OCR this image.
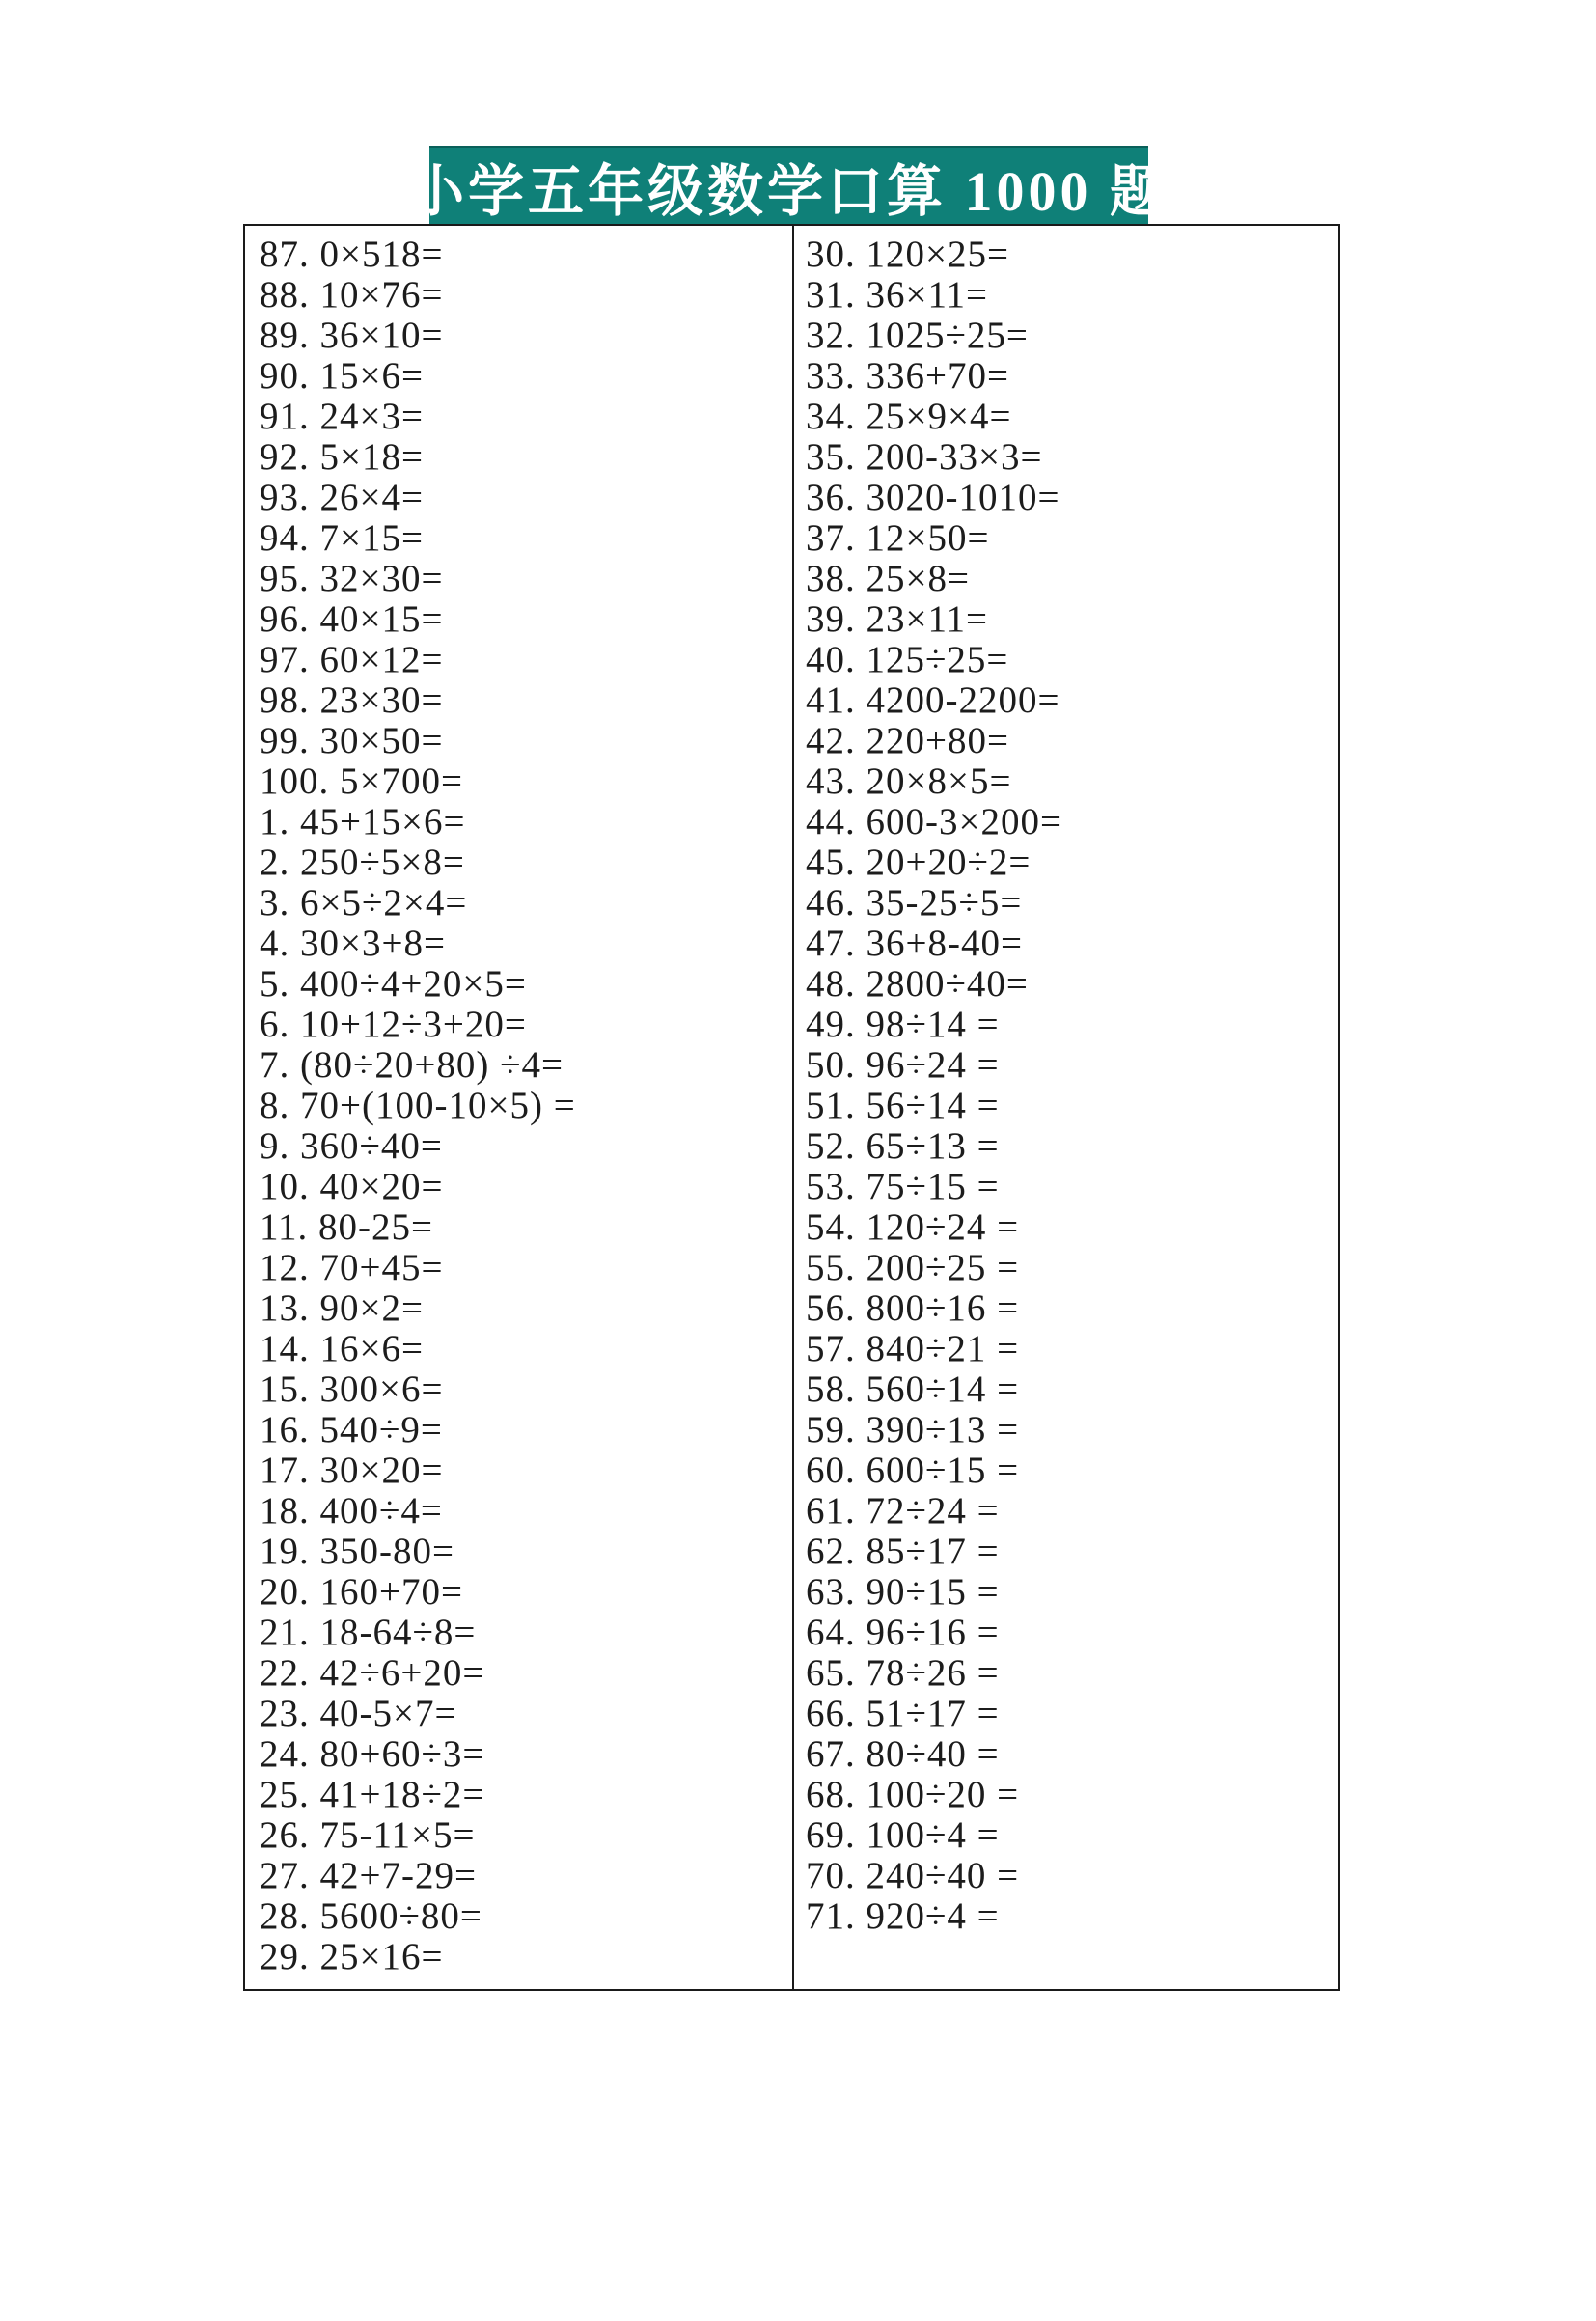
小学五年级数学口算 1000 题
87. 0×518=
88. 10×76=
89. 36×10=
90. 15×6=
91. 24×3=
92. 5×18=
93. 26×4=
94. 7×15=
95. 32×30=
96. 40×15=
97. 60×12=
98. 23×30=
99. 30×50=
100. 5×700=
1. 45+15×6=
2. 250÷5×8=
3. 6×5÷2×4=
4. 30×3+8=
5. 400÷4+20×5=
6. 10+12÷3+20=
7. (80÷20+80) ÷4=
8. 70+(100-10×5) =
9. 360÷40=
10. 40×20=
11. 80-25=
12. 70+45=
13. 90×2=
14. 16×6=
15. 300×6=
16. 540÷9=
17. 30×20=
18. 400÷4=
19. 350-80=
20. 160+70=
21. 18-64÷8=
22. 42÷6+20=
23. 40-5×7=
24. 80+60÷3=
25. 41+18÷2=
26. 75-11×5=
27. 42+7-29=
28. 5600÷80=
29. 25×16=
30. 120×25=
31. 36×11=
32. 1025÷25=
33. 336+70=
34. 25×9×4=
35. 200-33×3=
36. 3020-1010=
37. 12×50=
38. 25×8=
39. 23×11=
40. 125÷25=
41. 4200-2200=
42. 220+80=
43. 20×8×5=
44. 600-3×200=
45. 20+20÷2=
46. 35-25÷5=
47. 36+8-40=
48. 2800÷40=
49. 98÷14 =
50. 96÷24 =
51. 56÷14 =
52. 65÷13 =
53. 75÷15 =
54. 120÷24 =
55. 200÷25 =
56. 800÷16 =
57. 840÷21 =
58. 560÷14 =
59. 390÷13 =
60. 600÷15 =
61. 72÷24 =
62. 85÷17 =
63. 90÷15 =
64. 96÷16 =
65. 78÷26 =
66. 51÷17 =
67. 80÷40 =
68. 100÷20 =
69. 100÷4 =
70. 240÷40 =
71. 920÷4 =
